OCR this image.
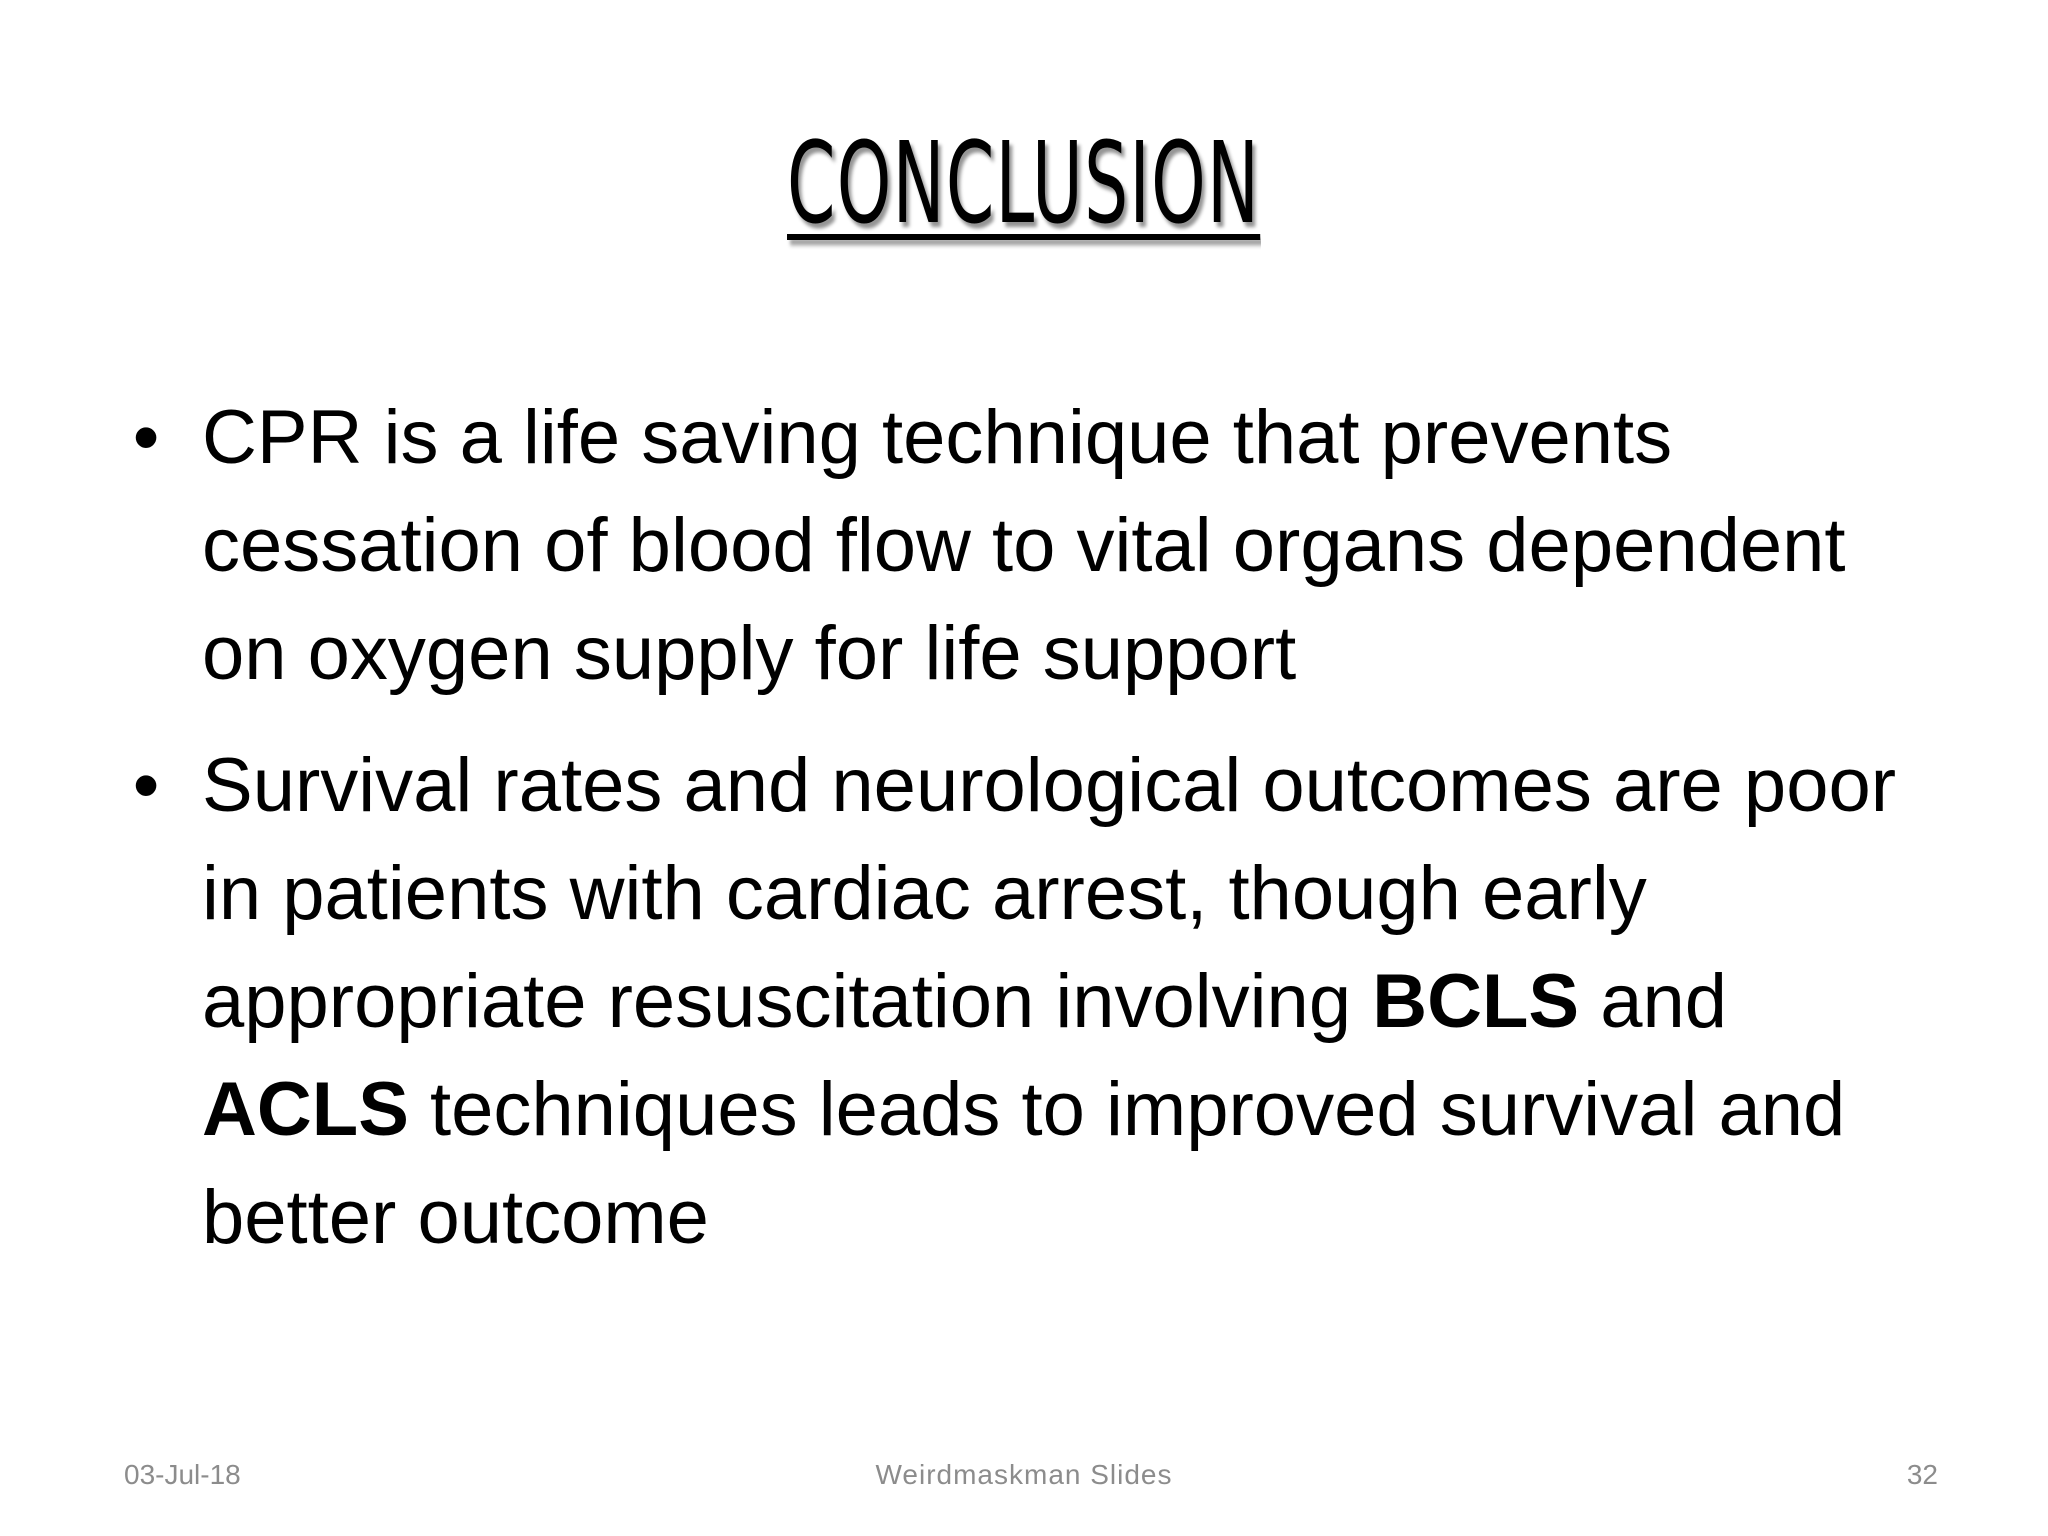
CONCLUSION
• CPR is a life saving technique that prevents cessation of blood flow to vital organs dependent on oxygen supply for life support
• Survival rates and neurological outcomes are poor in patients with cardiac arrest, though early appropriate resuscitation involving BCLS and ACLS techniques leads to improved survival and better outcome
03-Jul-18	Weirdmaskman Slides	32
